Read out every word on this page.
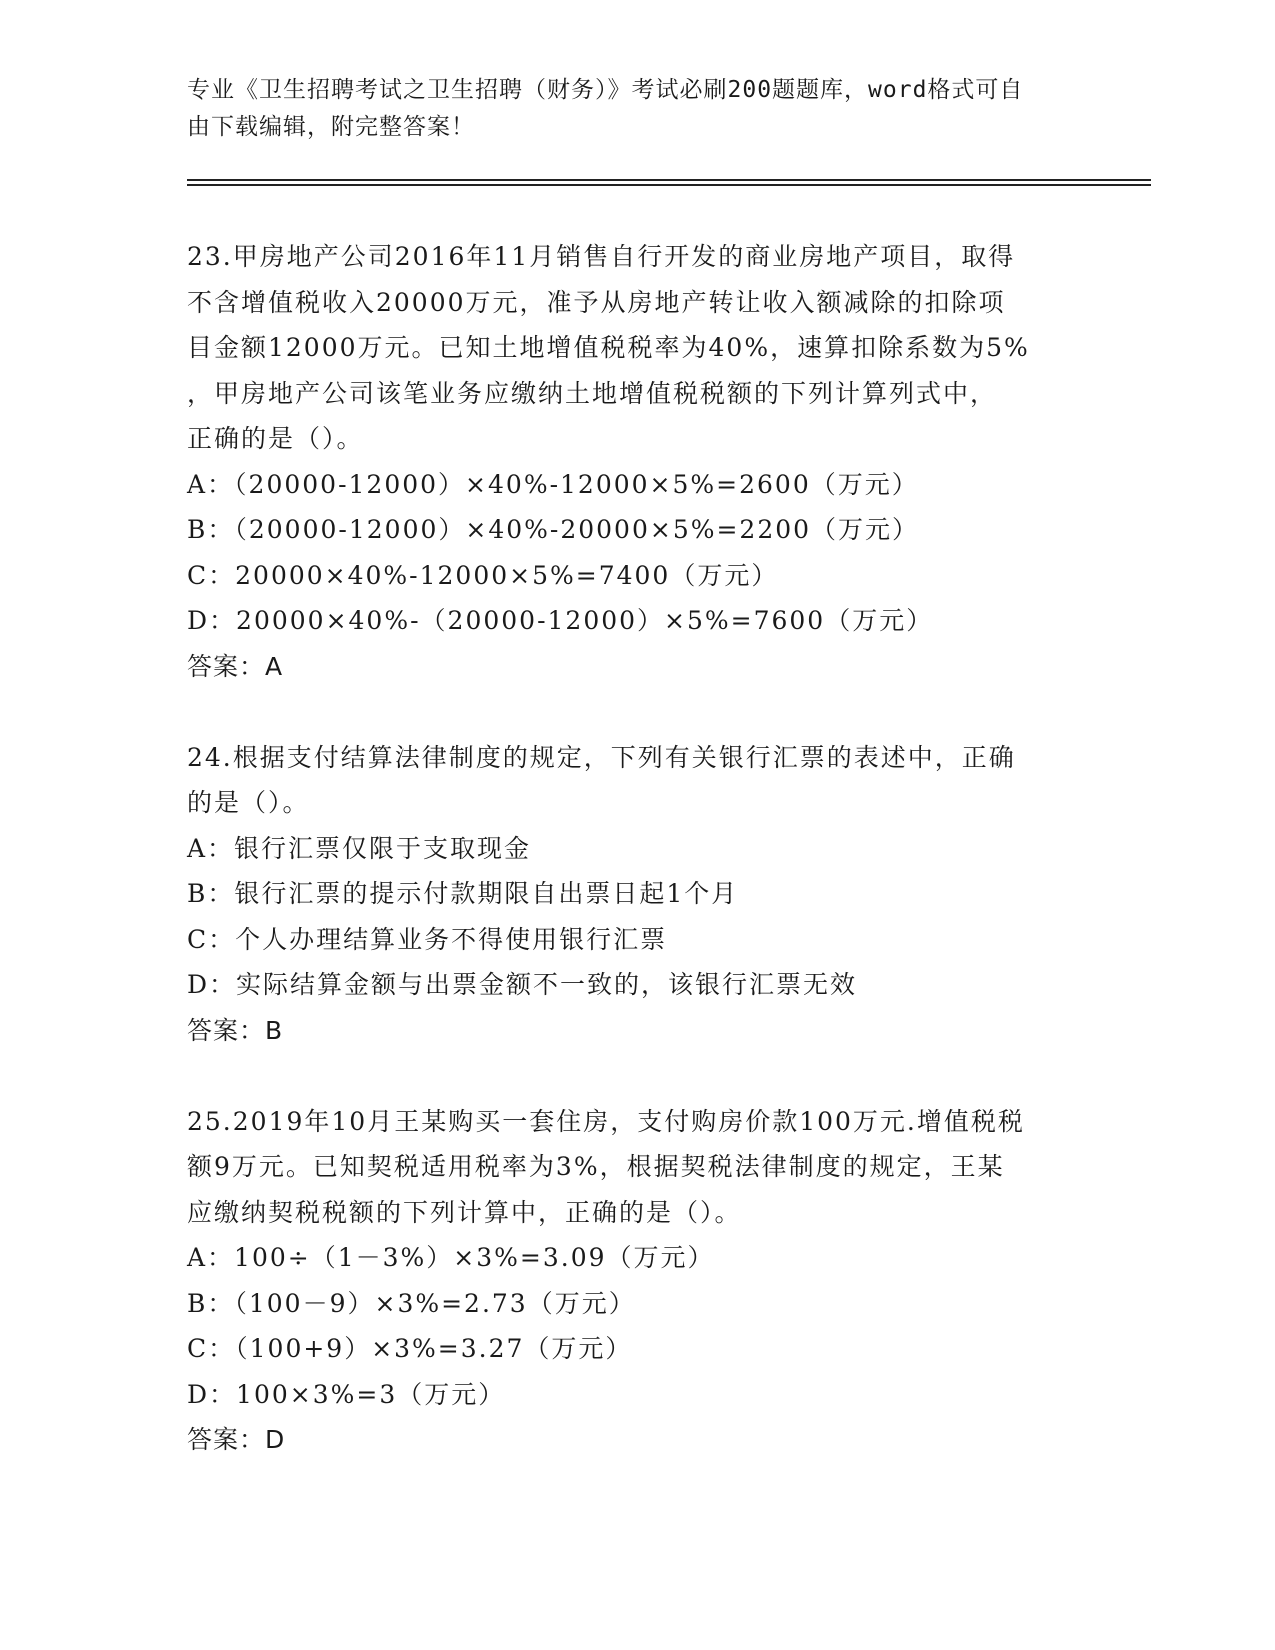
专业《卫生招聘考试之卫生招聘（财务）》考试必刷200题题库，word格式可自
由下载编辑，附完整答案！

23.甲房地产公司2016年11月销售自行开发的商业房地产项目，取得

不含增值税收入20000万元，准予从房地产转让收入额减除的扣除项

目金额12000万元。已知土地增值税税率为40%，速算扣除系数为5%

，甲房地产公司该笔业务应缴纳土地增值税税额的下列计算列式中，

正确的是（）。

A：（20000-12000）×40%-12000×5%=2600（万元）

B：（20000-12000）×40%-20000×5%=2200（万元）

C：20000×40%-12000×5%=7400（万元）

D：20000×40%-（20000-12000）×5%=7600（万元）

答案：A

24.根据支付结算法律制度的规定，下列有关银行汇票的表述中，正确

的是（）。

A：银行汇票仅限于支取现金

B：银行汇票的提示付款期限自出票日起1个月

C：个人办理结算业务不得使用银行汇票

D：实际结算金额与出票金额不一致的，该银行汇票无效

答案：B

25.2019年10月王某购买一套住房，支付购房价款100万元.增值税税

额9万元。已知契税适用税率为3%，根据契税法律制度的规定，王某

应缴纳契税税额的下列计算中，正确的是（）。

A：100÷（1－3%）×3%=3.09（万元）

B：（100－9）×3%=2.73（万元）

C：（100+9）×3%=3.27（万元）

D：100×3%=3（万元）

答案：D
